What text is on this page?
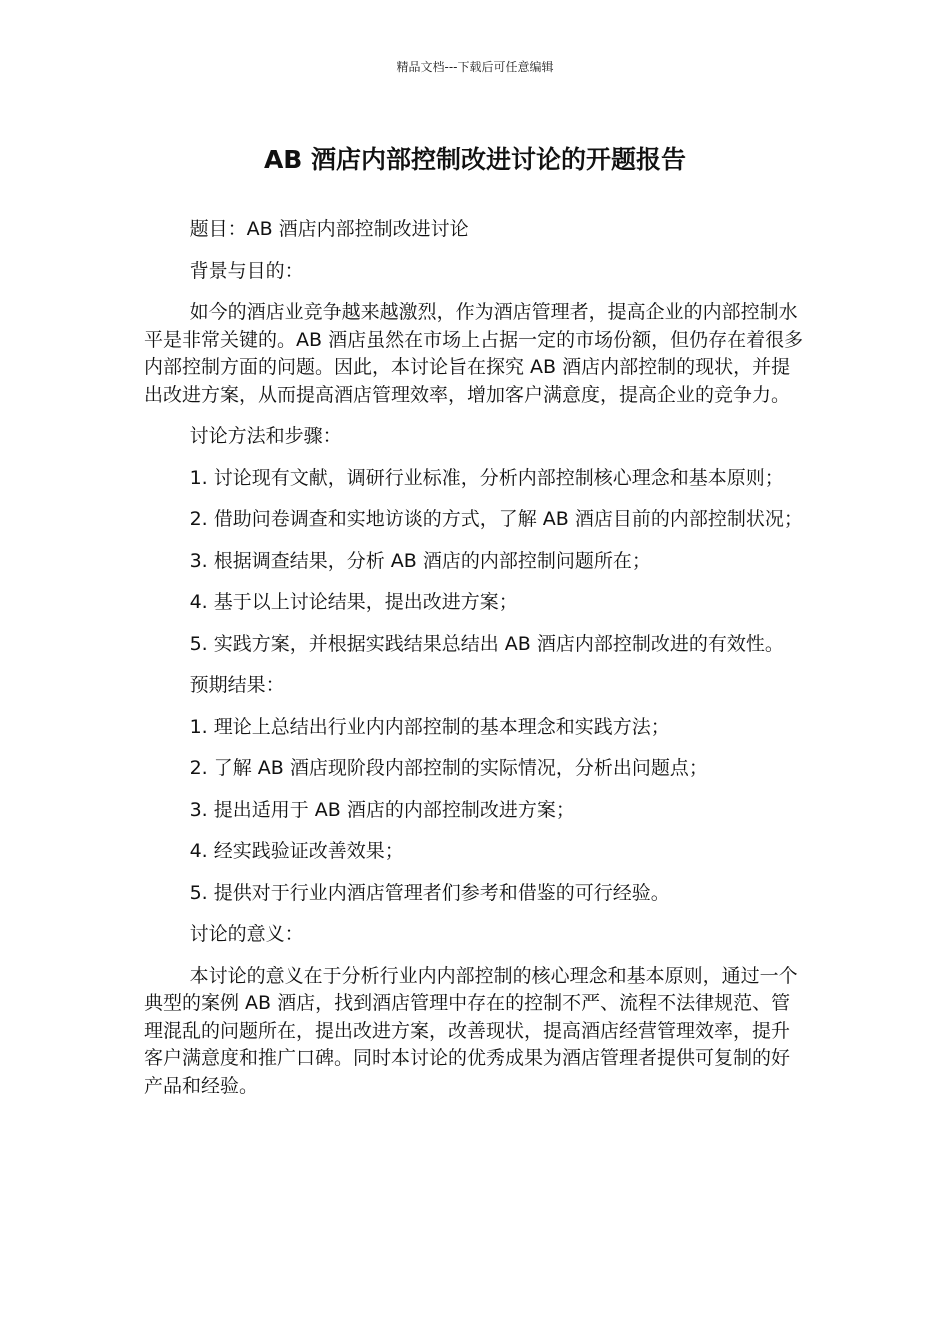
精品文档---下载后可任意编辑
AB 酒店内部控制改进讨论的开题报告

题目：AB 酒店内部控制改进讨论

背景与目的：

如今的酒店业竞争越来越激烈，作为酒店管理者，提高企业的内部控制水平是非常关键的。AB 酒店虽然在市场上占据一定的市场份额，但仍存在着很多内部控制方面的问题。因此，本讨论旨在探究 AB 酒店内部控制的现状，并提出改进方案，从而提高酒店管理效率，增加客户满意度，提高企业的竞争力。

讨论方法和步骤：

1. 讨论现有文献，调研行业标准，分析内部控制核心理念和基本原则；

2. 借助问卷调查和实地访谈的方式，了解 AB 酒店目前的内部控制状况；

3. 根据调查结果，分析 AB 酒店的内部控制问题所在；

4. 基于以上讨论结果，提出改进方案；

5. 实践方案，并根据实践结果总结出 AB 酒店内部控制改进的有效性。

预期结果：

1. 理论上总结出行业内内部控制的基本理念和实践方法；

2. 了解 AB 酒店现阶段内部控制的实际情况，分析出问题点；

3. 提出适用于 AB 酒店的内部控制改进方案；

4. 经实践验证改善效果；

5. 提供对于行业内酒店管理者们参考和借鉴的可行经验。

讨论的意义：

本讨论的意义在于分析行业内内部控制的核心理念和基本原则，通过一个典型的案例 AB 酒店，找到酒店管理中存在的控制不严、流程不法律规范、管理混乱的问题所在，提出改进方案，改善现状，提高酒店经营管理效率，提升客户满意度和推广口碑。同时本讨论的优秀成果为酒店管理者提供可复制的好产品和经验。
